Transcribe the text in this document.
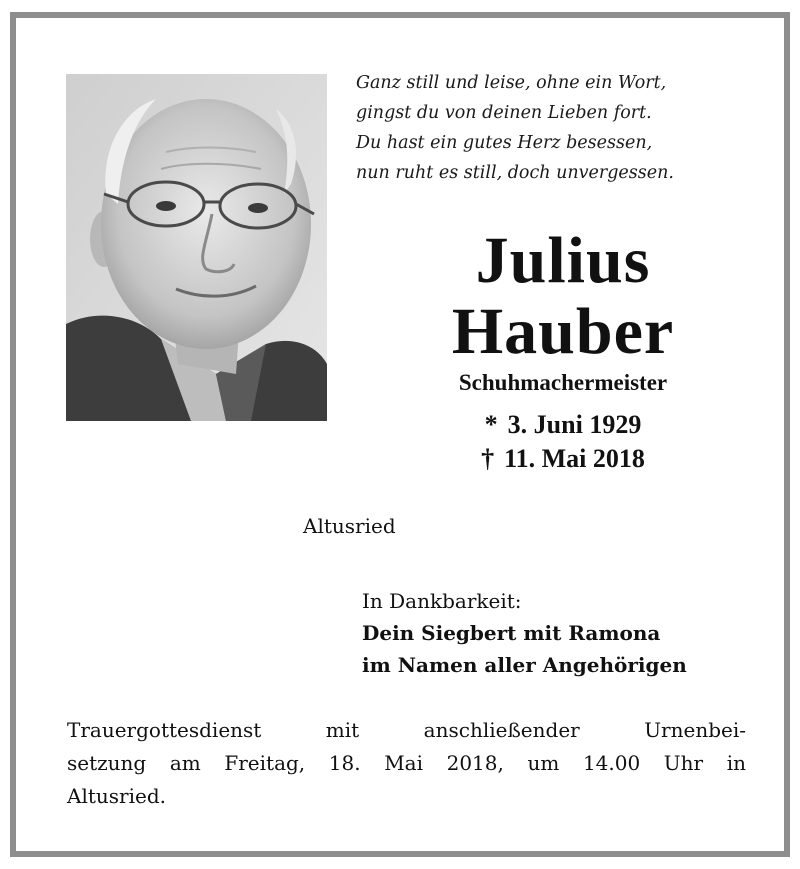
Ganz still und leise, ohne ein Wort,
gingst du von deinen Lieben fort.
Du hast ein gutes Herz besessen,
nun ruht es still, doch unvergessen.
Julius
Hauber
Schuhmachermeister
* 3. Juni 1929
† 11. Mai 2018
Altusried
In Dankbarkeit:
Dein Siegbert mit Ramona
im Namen aller Angehörigen
Trauergottesdienst mit anschließender Urnenbei-
setzung am Freitag, 18. Mai 2018, um 14.00 Uhr in
Altusried.
